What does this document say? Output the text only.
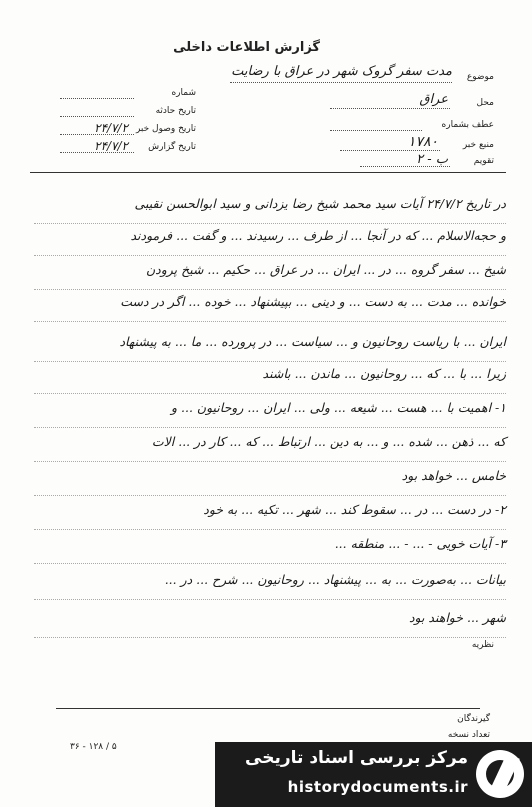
گزارش اطلاعات داخلی
شماره
تاریخ حادثه
تاریخ وصول خبر
۲۴/۷/۲
تاریخ گزارش
۲۴/۷/۲
موضوع
مدت سفر گروک شهر در عراق با رضایت
محل
عراق
عطف بشماره
منبع خبر
۱۷۸۰
تقویم
ب - ۲
در تاریخ ۲۴/۷/۲ آیات سید محمد شیخ رضا یزدانی و سید ابوالحسن نقیبی
و حجه‌الاسلام ... که در آنجا ... از طرف ... رسیدند ... و گفت ... فرمودند
شیخ ... سفر گروه ... در ... ایران ... در عراق ... حکیم ... شیخ پرودن
خوانده ... مدت ... به دست ... و دینی ... بپیشنهاد ... خوده ... اگر در دست
ایران ... با ریاست روحانیون و ... سیاست ... در پرورده ... ما ... به پیشنهاد
زیرا ... با ... که ... روحانیون ... ماندن ... باشند
۱- اهمیت با ... هست ... شیعه ... ولی ... ایران ... روحانیون ... و
که ... ذهن ... شده ... و ... به دین ... ارتباط ... که ... کار در ... الات
خامس ... خواهد بود
۲- در دست ... در ... سقوط کند ... شهر ... تکیه ... به خود
۳- آیات خویی - ... - ... منطقه ...
بیانات ... به‌صورت ... به ... پیشنهاد ... روحانیون ... شرح ... در ...
شهر ... خواهند بود
نظریه
گیرندگان
تعداد نسخه
۳۶ - ۱۲۸ / ۵
مرکز بررسی اسناد تاریخی
historydocuments.ir
